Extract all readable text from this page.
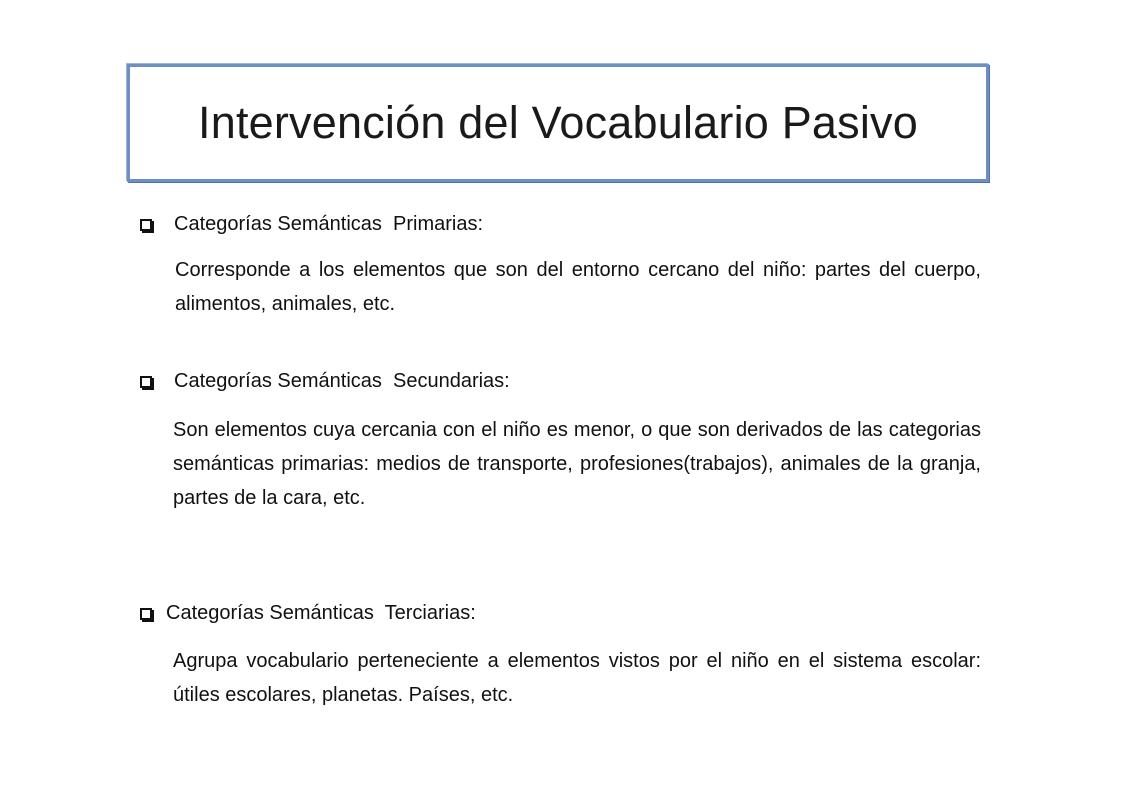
Intervención del Vocabulario Pasivo
Categorías Semánticas  Primarias:
Corresponde a los elementos que son del entorno cercano del niño: partes del cuerpo, alimentos, animales, etc.
Categorías Semánticas  Secundarias:
Son elementos cuya cercania con el niño es menor, o que son derivados de las categorias semánticas primarias: medios de transporte, profesiones(trabajos), animales de la granja, partes de la cara, etc.
Categorías Semánticas  Terciarias:
Agrupa vocabulario perteneciente a elementos vistos por el niño en el sistema escolar: útiles escolares, planetas. Países, etc.
